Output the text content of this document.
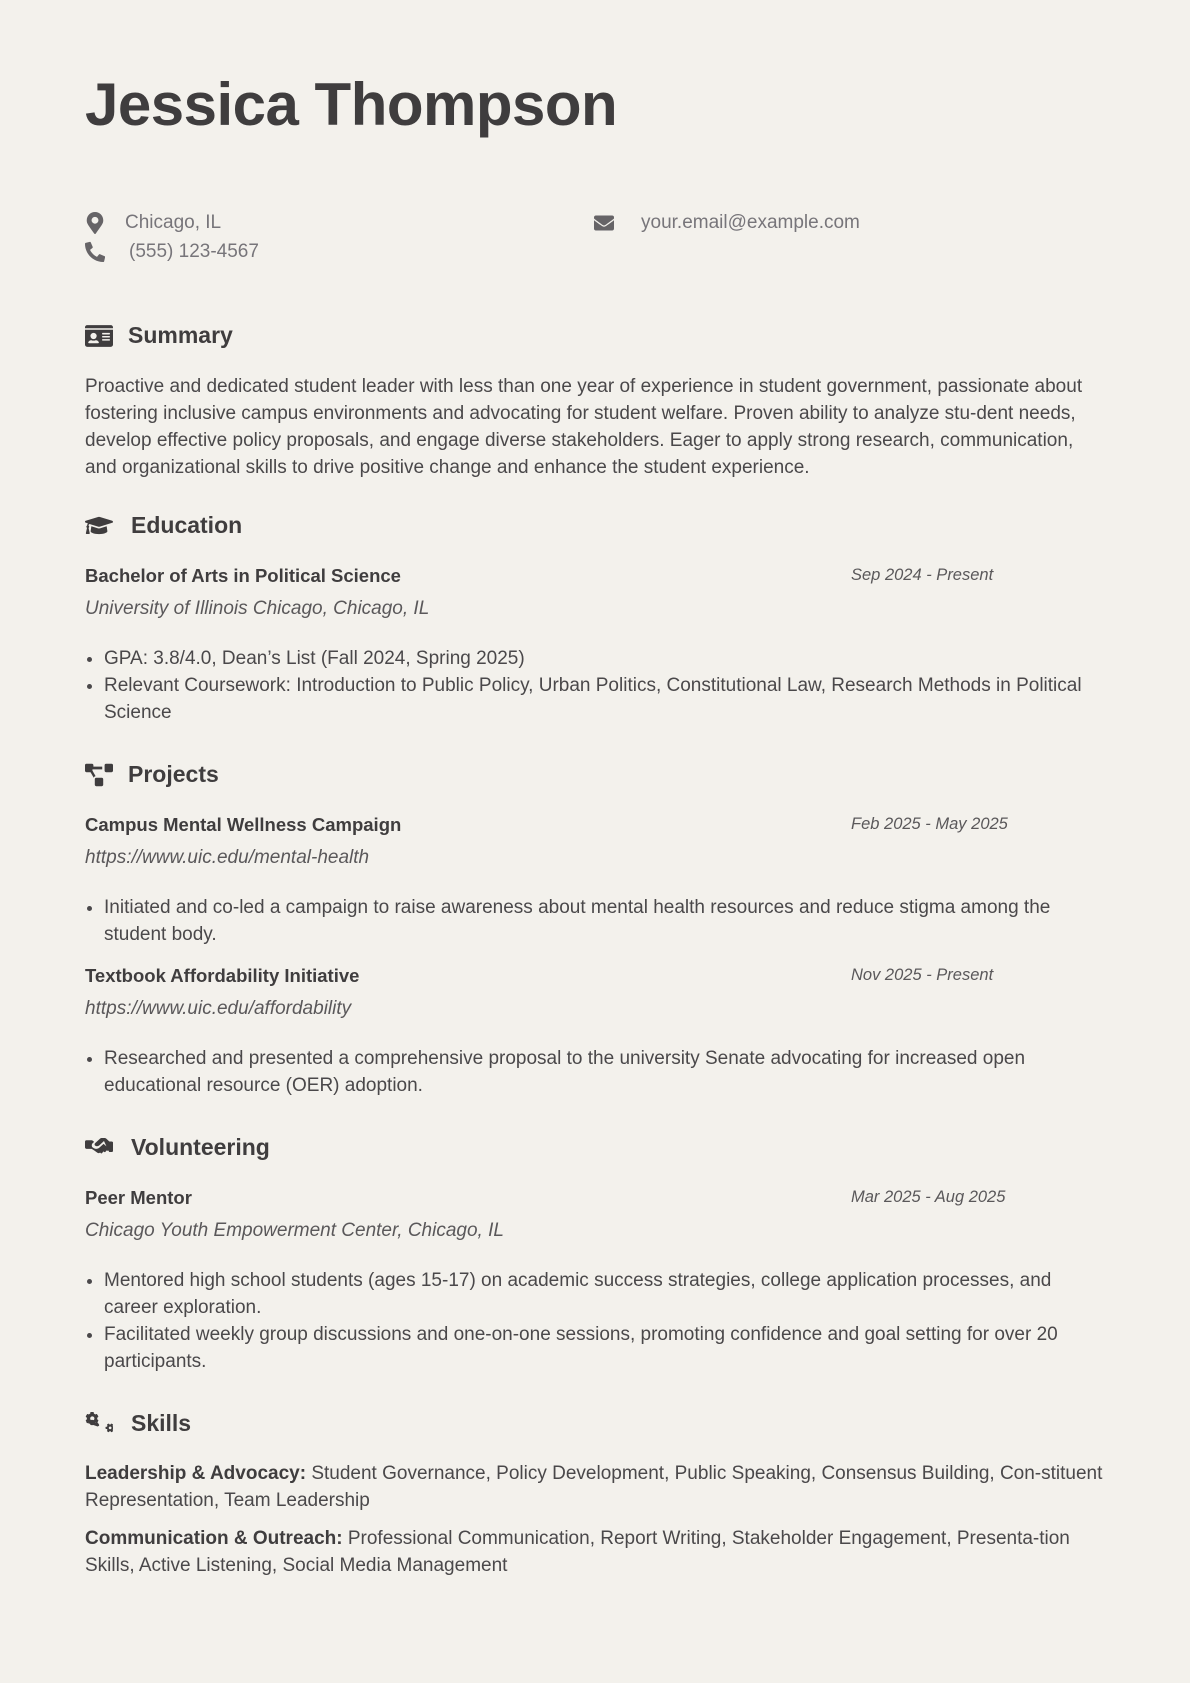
Jessica Thompson
Chicago, IL	your.email@example.com
(555) 123-4567
Summary

Proactive and dedicated student leader with less than one year of experience in student government, passionate about fostering inclusive campus environments and advocating for student welfare. Proven ability to analyze stu-dent needs, develop effective policy proposals, and engage diverse stakeholders. Eager to apply strong research, communication, and organizational skills to drive positive change and enhance the student experience.

Education
Bachelor of Arts in Political Science	Sep 2024 - Present
University of Illinois Chicago, Chicago, IL
GPA: 3.8/4.0, Dean’s List (Fall 2024, Spring 2025)
Relevant Coursework: Introduction to Public Policy, Urban Politics, Constitutional Law, Research Methods in Political Science
Projects
Campus Mental Wellness Campaign	Feb 2025 - May 2025
https://www.uic.edu/mental-health
Initiated and co-led a campaign to raise awareness about mental health resources and reduce stigma among the student body.
Textbook Affordability Initiative	Nov 2025 - Present
https://www.uic.edu/affordability
Researched and presented a comprehensive proposal to the university Senate advocating for increased open educational resource (OER) adoption.
Volunteering
Peer Mentor	Mar 2025 - Aug 2025
Chicago Youth Empowerment Center, Chicago, IL
Mentored high school students (ages 15-17) on academic success strategies, college application processes, and career exploration.
Facilitated weekly group discussions and one-on-one sessions, promoting confidence and goal setting for over 20 participants.
Skills

Leadership & Advocacy: Student Governance, Policy Development, Public Speaking, Consensus Building, Con-stituent Representation, Team Leadership

Communication & Outreach: Professional Communication, Report Writing, Stakeholder Engagement, Presenta-tion Skills, Active Listening, Social Media Management
